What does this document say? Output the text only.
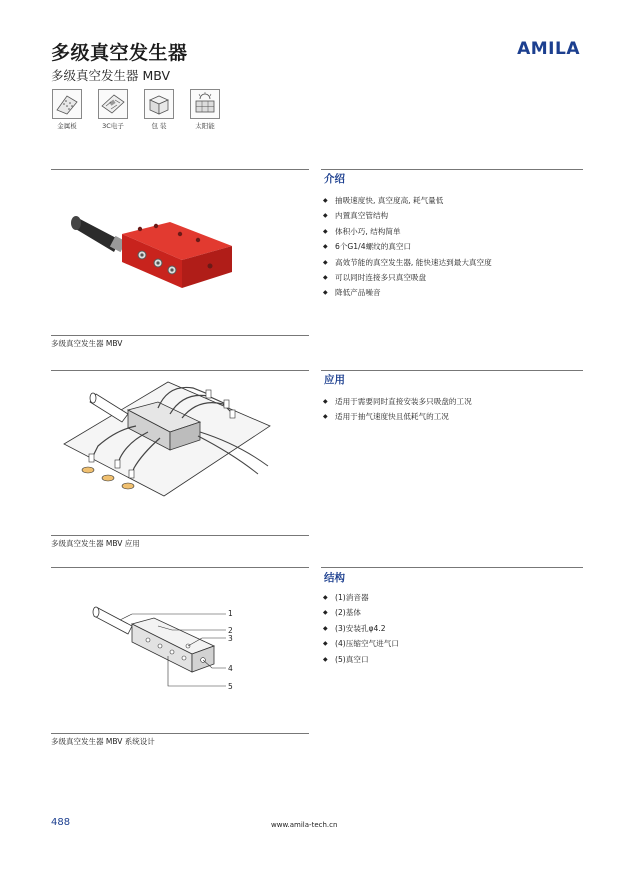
多级真空发生器
多级真空发生器 MBV
AMILA
金属板	3C电子	包 装	太阳能
多级真空发生器 MBV
介绍
◆ 抽吸速度快, 真空度高, 耗气量低
◆ 内置真空管结构
◆ 体积小巧, 结构简单
◆ 6个G1/4螺纹的真空口
◆ 高效节能的真空发生器, 能快速达到最大真空度
◆ 可以同时连接多只真空吸盘
◆ 降低产品噪音
多级真空发生器 MBV 应用
应用
◆ 适用于需要同时直接安装多只吸盘的工况
◆ 适用于抽气速度快且低耗气的工况
1
2
3
4
5
多级真空发生器 MBV 系统设计
结构
◆ (1)消音器
◆ (2)基体
◆ (3)安装孔φ4.2
◆ (4)压缩空气进气口
◆ (5)真空口
488	www.amila-tech.cn
